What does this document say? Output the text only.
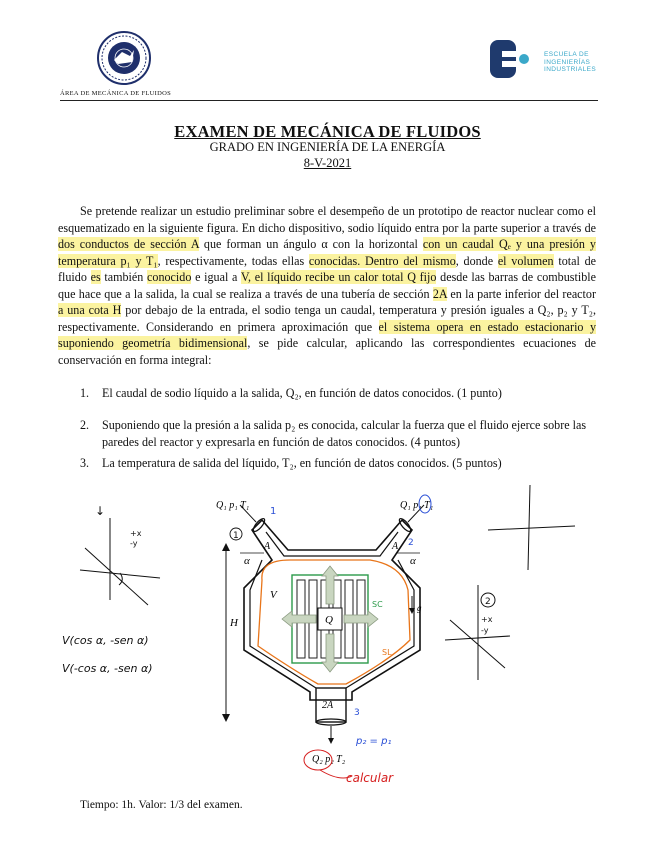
ÁREA DE MECÁNICA DE FLUIDOS
ESCUELA DE
INGENIERÍAS
INDUSTRIALES
EXAMEN DE MECÁNICA DE FLUIDOS
GRADO EN INGENIERÍA DE LA ENERGÍA
8-V-2021
Se pretende realizar un estudio preliminar sobre el desempeño de un prototipo de reactor nuclear como el esquematizado en la siguiente figura. En dicho dispositivo, sodio líquido entra por la parte superior a través de dos conductos de sección A que forman un ángulo α con la horizontal con un caudal Qₑ y una presión y temperatura p₁ y T₁, respectivamente, todas ellas conocidas. Dentro del mismo, donde el volumen total de fluido es también conocido e igual a V, el líquido recibe un calor total Q fijo desde las barras de combustible que hace que a la salida, la cual se realiza a través de una tubería de sección 2A en la parte inferior del reactor a una cota H por debajo de la entrada, el sodio tenga un caudal, temperatura y presión iguales a Q₂, p₂ y T₂, respectivamente. Considerando en primera aproximación que el sistema opera en estado estacionario y suponiendo geometría bidimensional, se pide calcular, aplicando las correspondientes ecuaciones de conservación en forma integral:
1. El caudal de sodio líquido a la salida, Q₂, en función de datos conocidos. (1 punto)
2. Suponiendo que la presión a la salida p₂ es conocida, calcular la fuerza que el fluido ejerce sobre las paredes del reactor y expresarla en función de datos conocidos. (4 puntos)
3. La temperatura de salida del líquido, T₂, en función de datos conocidos. (5 puntos)
Q₁ p₁ T₁	Q₁ p₁ T₁
A	A
α	α
V
Q
H
2A
Q₂ p₂ T₂
g
1
1
2
3
SC
SL
p₂ = p₁
calcular
↓
+x
-y
V(cos α, -sen α)
V(-cos α, -sen α)
2
+x
-y
Tiempo: 1h. Valor: 1/3 del examen.
